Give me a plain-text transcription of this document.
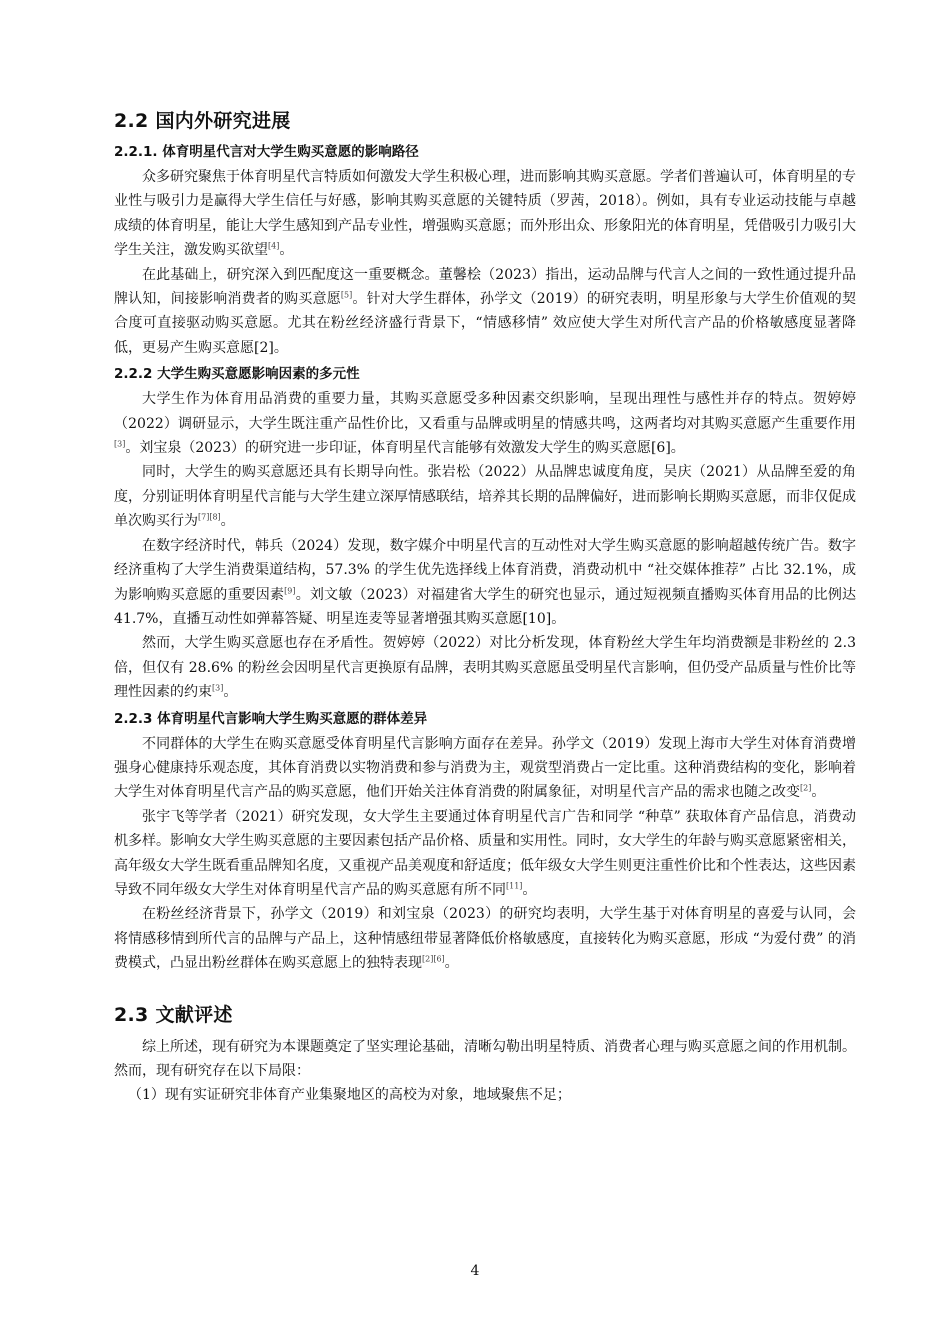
2.2 国内外研究进展
2.2.1. 体育明星代言对大学生购买意愿的影响路径

众多研究聚焦于体育明星代言特质如何激发大学生积极心理，进而影响其购买意愿。学者们普遍认可，体育明星的专业性与吸引力是赢得大学生信任与好感，影响其购买意愿的关键特质（罗茜，2018）。例如，具有专业运动技能与卓越成绩的体育明星，能让大学生感知到产品专业性，增强购买意愿；而外形出众、形象阳光的体育明星，凭借吸引力吸引大学生关注，激发购买欲望[4]。

在此基础上，研究深入到匹配度这一重要概念。董馨桧（2023）指出，运动品牌与代言人之间的一致性通过提升品牌认知，间接影响消费者的购买意愿[5]。针对大学生群体，孙学文（2019）的研究表明，明星形象与大学生价值观的契合度可直接驱动购买意愿。尤其在粉丝经济盛行背景下，“情感移情” 效应使大学生对所代言产品的价格敏感度显著降低，更易产生购买意愿[2]。

2.2.2 大学生购买意愿影响因素的多元性

大学生作为体育用品消费的重要力量，其购买意愿受多种因素交织影响，呈现出理性与感性并存的特点。贺婷婷（2022）调研显示，大学生既注重产品性价比，又看重与品牌或明星的情感共鸣，这两者均对其购买意愿产生重要作用[3]。刘宝泉（2023）的研究进一步印证，体育明星代言能够有效激发大学生的购买意愿[6]。

同时，大学生的购买意愿还具有长期导向性。张岩松（2022）从品牌忠诚度角度，吴庆（2021）从品牌至爱的角度，分别证明体育明星代言能与大学生建立深厚情感联结，培养其长期的品牌偏好，进而影响长期购买意愿，而非仅促成单次购买行为[7][8]。

在数字经济时代，韩兵（2024）发现，数字媒介中明星代言的互动性对大学生购买意愿的影响超越传统广告。数字经济重构了大学生消费渠道结构，57.3% 的学生优先选择线上体育消费，消费动机中 “社交媒体推荐” 占比 32.1%，成为影响购买意愿的重要因素[9]。刘文敏（2023）对福建省大学生的研究也显示，通过短视频直播购买体育用品的比例达 41.7%，直播互动性如弹幕答疑、明星连麦等显著增强其购买意愿[10]。

然而，大学生购买意愿也存在矛盾性。贺婷婷（2022）对比分析发现，体育粉丝大学生年均消费额是非粉丝的 2.3 倍，但仅有 28.6% 的粉丝会因明星代言更换原有品牌，表明其购买意愿虽受明星代言影响，但仍受产品质量与性价比等理性因素的约束[3]。

2.2.3 体育明星代言影响大学生购买意愿的群体差异

不同群体的大学生在购买意愿受体育明星代言影响方面存在差异。孙学文（2019）发现上海市大学生对体育消费增强身心健康持乐观态度，其体育消费以实物消费和参与消费为主，观赏型消费占一定比重。这种消费结构的变化，影响着大学生对体育明星代言产品的购买意愿，他们开始关注体育消费的附属象征，对明星代言产品的需求也随之改变[2]。

张宇飞等学者（2021）研究发现，女大学生主要通过体育明星代言广告和同学 “种草” 获取体育产品信息，消费动机多样。影响女大学生购买意愿的主要因素包括产品价格、质量和实用性。同时，女大学生的年龄与购买意愿紧密相关，高年级女大学生既看重品牌知名度，又重视产品美观度和舒适度；低年级女大学生则更注重性价比和个性表达，这些因素导致不同年级女大学生对体育明星代言产品的购买意愿有所不同[11]。

在粉丝经济背景下，孙学文（2019）和刘宝泉（2023）的研究均表明，大学生基于对体育明星的喜爱与认同，会将情感移情到所代言的品牌与产品上，这种情感纽带显著降低价格敏感度，直接转化为购买意愿，形成 “为爱付费” 的消费模式，凸显出粉丝群体在购买意愿上的独特表现[2][6]。

2.3 文献评述

综上所述，现有研究为本课题奠定了坚实理论基础，清晰勾勒出明星特质、消费者心理与购买意愿之间的作用机制。然而，现有研究存在以下局限：

（1）现有实证研究非体育产业集聚地区的高校为对象，地域聚焦不足；

4
